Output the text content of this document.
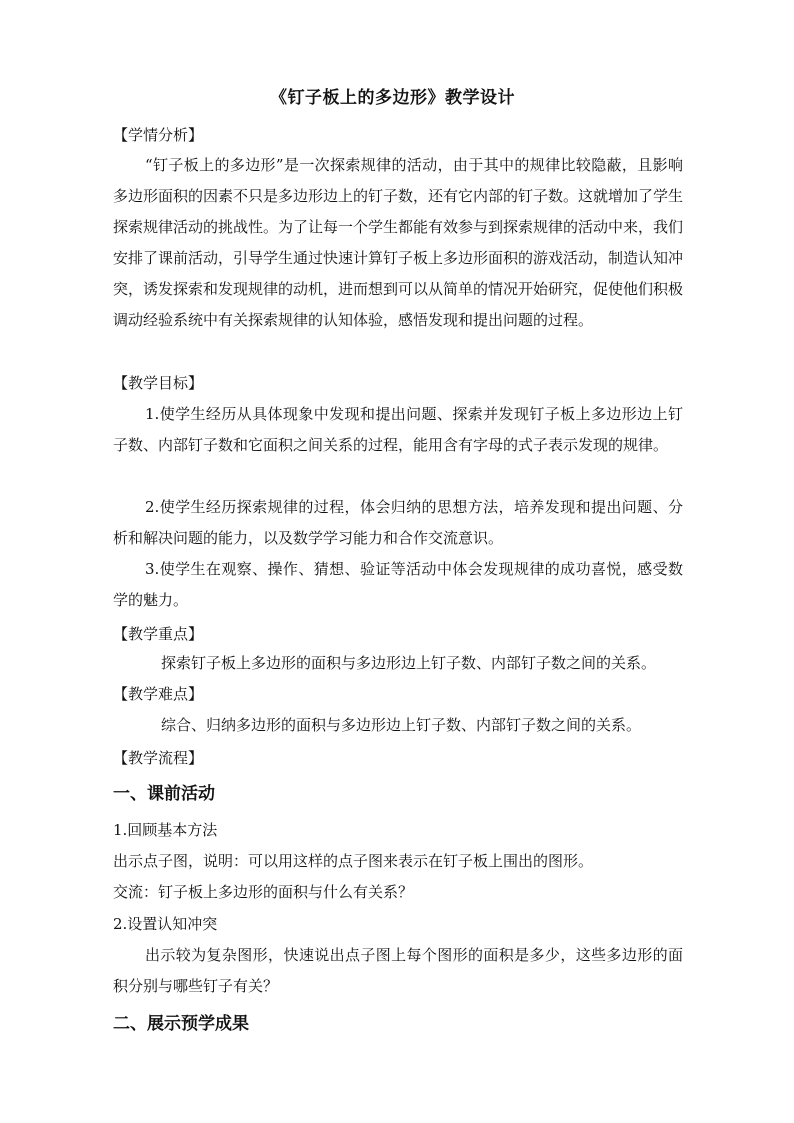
《钉子板上的多边形》教学设计
【学情分析】
“钉子板上的多边形”是一次探索规律的活动，由于其中的规律比较隐蔽，且影响多边形面积的因素不只是多边形边上的钉子数，还有它内部的钉子数。这就增加了学生探索规律活动的挑战性。为了让每一个学生都能有效参与到探索规律的活动中来，我们安排了课前活动，引导学生通过快速计算钉子板上多边形面积的游戏活动，制造认知冲突，诱发探索和发现规律的动机，进而想到可以从简单的情况开始研究，促使他们积极调动经验系统中有关探索规律的认知体验，感悟发现和提出问题的过程。
【教学目标】
1.使学生经历从具体现象中发现和提出问题、探索并发现钉子板上多边形边上钉子数、内部钉子数和它面积之间关系的过程，能用含有字母的式子表示发现的规律。
2.使学生经历探索规律的过程，体会归纳的思想方法，培养发现和提出问题、分析和解决问题的能力，以及数学学习能力和合作交流意识。
3.使学生在观察、操作、猜想、验证等活动中体会发现规律的成功喜悦，感受数学的魅力。
【教学重点】
探索钉子板上多边形的面积与多边形边上钉子数、内部钉子数之间的关系。
【教学难点】
综合、归纳多边形的面积与多边形边上钉子数、内部钉子数之间的关系。
【教学流程】
一、课前活动
1.回顾基本方法
出示点子图，说明：可以用这样的点子图来表示在钉子板上围出的图形。
交流：钉子板上多边形的面积与什么有关系？
2.设置认知冲突
出示较为复杂图形，快速说出点子图上每个图形的面积是多少，这些多边形的面积分别与哪些钉子有关？
二、展示预学成果
